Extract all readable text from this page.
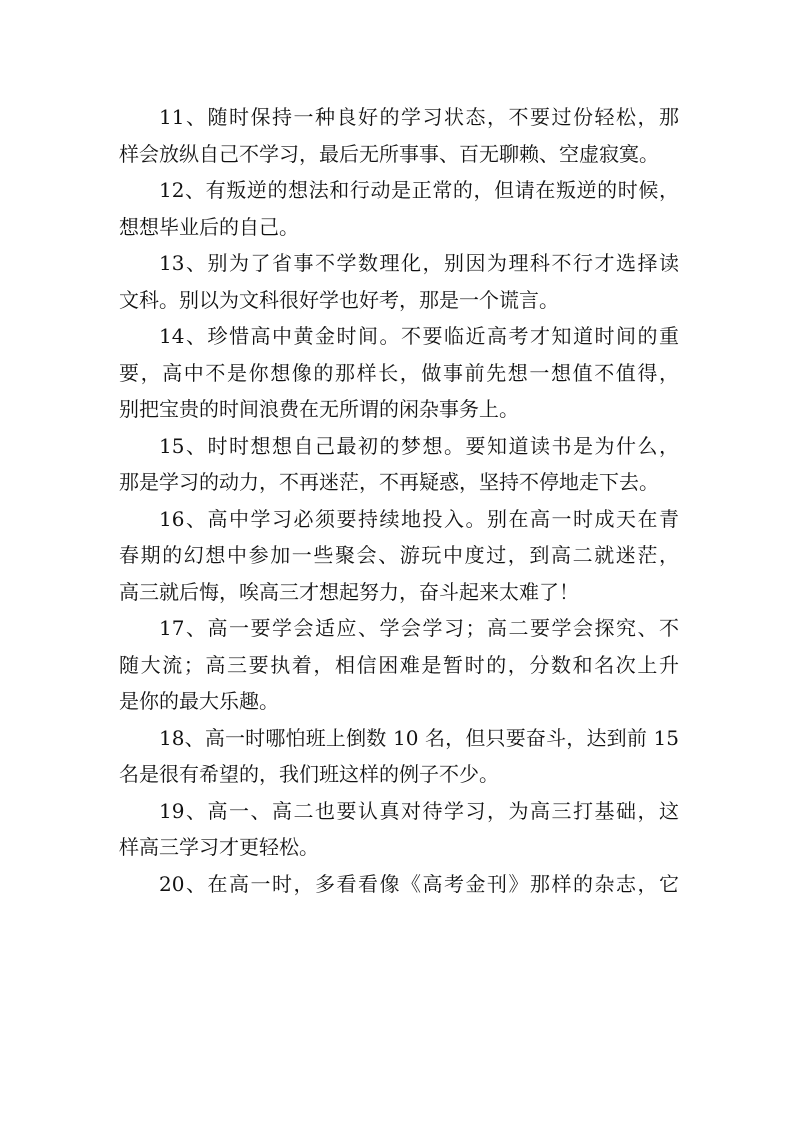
11、随时保持一种良好的学习状态，不要过份轻松，那
样会放纵自己不学习，最后无所事事、百无聊赖、空虚寂寞。
12、有叛逆的想法和行动是正常的，但请在叛逆的时候，
想想毕业后的自己。
13、别为了省事不学数理化，别因为理科不行才选择读
文科。别以为文科很好学也好考，那是一个谎言。
14、珍惜高中黄金时间。不要临近高考才知道时间的重
要，高中不是你想像的那样长，做事前先想一想值不值得，
别把宝贵的时间浪费在无所谓的闲杂事务上。
15、时时想想自己最初的梦想。要知道读书是为什么，
那是学习的动力，不再迷茫，不再疑惑，坚持不停地走下去。
16、高中学习必须要持续地投入。别在高一时成天在青
春期的幻想中参加一些聚会、游玩中度过，到高二就迷茫，
高三就后悔，唉高三才想起努力，奋斗起来太难了！
17、高一要学会适应、学会学习；高二要学会探究、不
随大流；高三要执着，相信困难是暂时的，分数和名次上升
是你的最大乐趣。
18、高一时哪怕班上倒数 10 名，但只要奋斗，达到前 15
名是很有希望的，我们班这样的例子不少。
19、高一、高二也要认真对待学习，为高三打基础，这
样高三学习才更轻松。
20、在高一时，多看看像《高考金刊》那样的杂志，它
